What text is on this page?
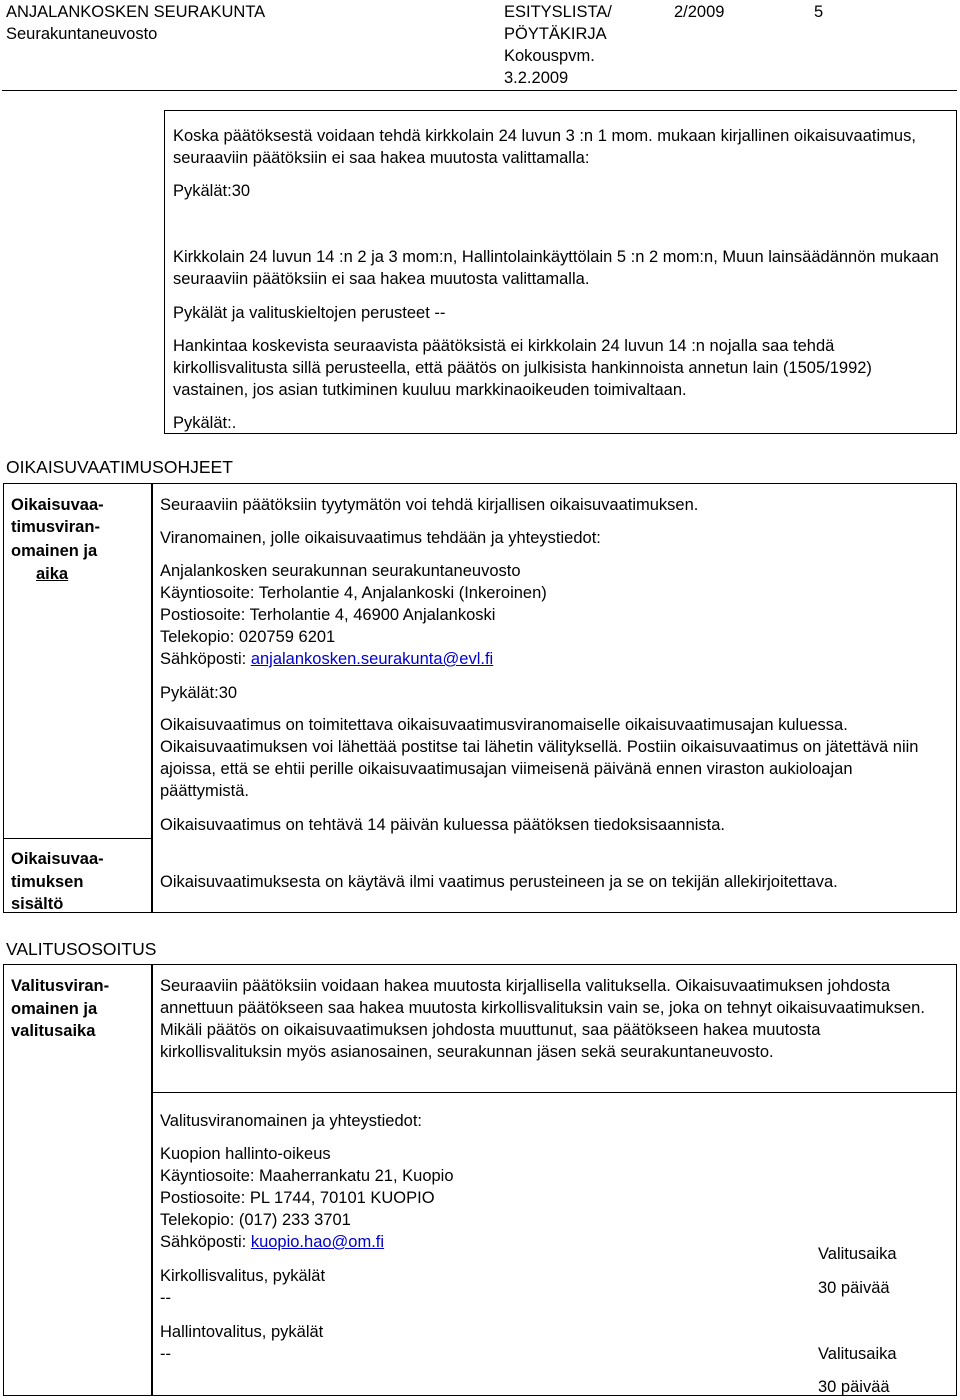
ANJALANKOSKEN SEURAKUNTA
Seurakuntaneuvosto
ESITYSLISTA/
PÖYTÄKIRJA
Kokouspvm.
3.2.2009
2/2009	5
Koska päätöksestä voidaan tehdä kirkkolain 24 luvun 3 :n 1 mom. mukaan kirjallinen oikaisuvaatimus, seuraaviin päätöksiin ei saa hakea muutosta valittamalla:
Pykälät:30
Kirkkolain 24 luvun 14 :n 2 ja 3 mom:n, Hallintolainkäyttölain 5 :n 2 mom:n, Muun lainsäädännön mukaan seuraaviin päätöksiin ei saa hakea muutosta valittamalla.
Pykälät ja valituskieltojen perusteet --
Hankintaa koskevista seuraavista päätöksistä ei kirkkolain 24 luvun 14 :n nojalla saa tehdä kirkollisvalitusta sillä perusteella, että päätös on julkisista hankinnoista annetun lain (1505/1992) vastainen, jos asian tutkiminen kuuluu markkinaoikeuden toimivaltaan.
Pykälät:.
OIKAISUVAATIMUSOHJEET
Oikaisuvaa-
timusviran-
omainen ja
aika
Seuraaviin päätöksiin tyytymätön voi tehdä kirjallisen oikaisuvaatimuksen.
Viranomainen, jolle oikaisuvaatimus tehdään ja yhteystiedot:
Anjalankosken seurakunnan seurakuntaneuvosto
Käyntiosoite: Terholantie 4, Anjalankoski (Inkeroinen)
Postiosoite: Terholantie 4, 46900 Anjalankoski
Telekopio: 020759 6201
Sähköposti: anjalankosken.seurakunta@evl.fi
Pykälät:30
Oikaisuvaatimus on toimitettava oikaisuvaatimusviranomaiselle oikaisuvaatimusajan kuluessa. Oikaisuvaatimuksen voi lähettää postitse tai lähetin välityksellä. Postiin oikaisuvaatimus on jätettävä niin ajoissa, että se ehtii perille oikaisuvaatimusajan viimeisenä päivänä ennen viraston aukioloajan päättymistä.
Oikaisuvaatimus on tehtävä 14 päivän kuluessa päätöksen tiedoksisaannista.
Oikaisuvaa-
timuksen
sisältö
Oikaisuvaatimuksesta on käytävä ilmi vaatimus perusteineen ja se on tekijän allekirjoitettava.
VALITUSOSOITUS
Valitusviran-
omainen ja
valitusaika
Seuraaviin päätöksiin voidaan hakea muutosta kirjallisella valituksella. Oikaisuvaatimuksen johdosta annettuun päätökseen saa hakea muutosta kirkollisvalituksin vain se, joka on tehnyt oikaisuvaatimuksen. Mikäli päätös on oikaisuvaatimuksen johdosta muuttunut, saa päätökseen hakea muutosta kirkollisvalituksin myös asianosainen, seurakunnan jäsen sekä seurakuntaneuvosto.
Valitusviranomainen ja yhteystiedot:
Kuopion hallinto-oikeus
Käyntiosoite: Maaherrankatu 21, Kuopio
Postiosoite: PL 1744, 70101 KUOPIO
Telekopio: (017) 233 3701
Sähköposti: kuopio.hao@om.fi
Kirkollisvalitus, pykälät
--
Hallintovalitus, pykälät
--
Valitusaika
30 päivää
Valitusaika
30 päivää
